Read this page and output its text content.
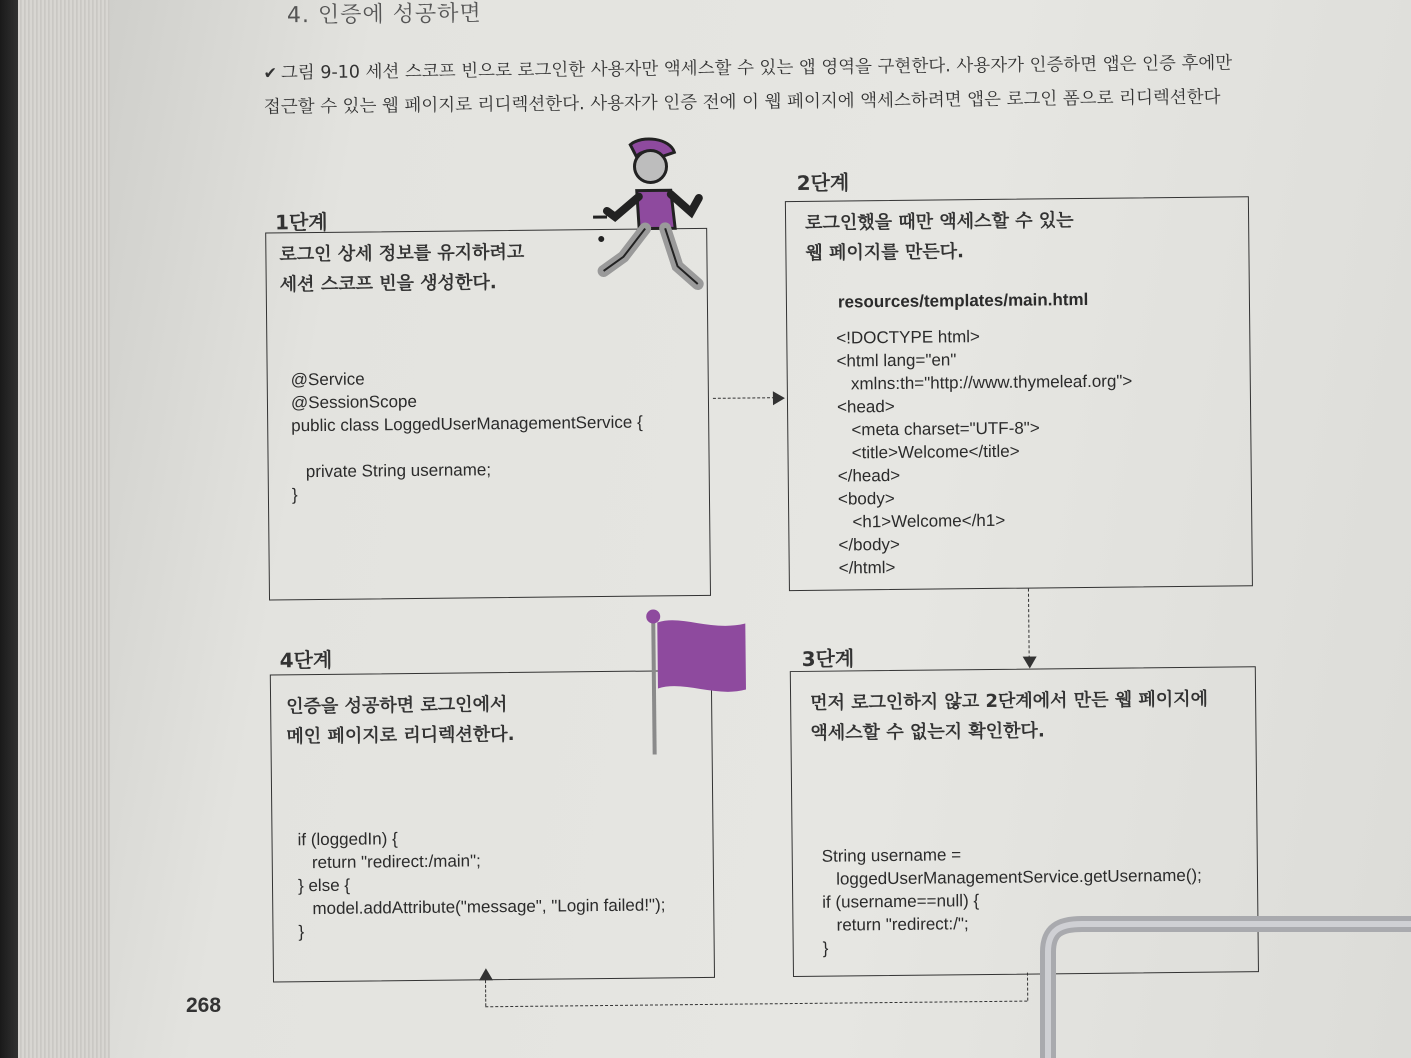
4. 인증에 성공하면
✔ 그림 9-10 세션 스코프 빈으로 로그인한 사용자만 액세스할 수 있는 앱 영역을 구현한다. 사용자가 인증하면 앱은 인증 후에만 접근할 수 있는 웹 페이지로 리디렉션한다. 사용자가 인증 전에 이 웹 페이지에 액세스하려면 앱은 로그인 폼으로 리디렉션한다
1단계
로그인 상세 정보를 유지하려고
세션 스코프 빈을 생성한다.
@Service
@SessionScope
public class LoggedUserManagementService {

private String username;
}
2단계
로그인했을 때만 액세스할 수 있는
웹 페이지를 만든다.
resources/templates/main.html
<!DOCTYPE html>
<html lang="en"
xmlns:th="http://www.thymeleaf.org">
<head>
<meta charset="UTF-8">
<title>Welcome</title>
</head>
<body>
<h1>Welcome</h1>
</body>
</html>
4단계
인증을 성공하면 로그인에서
메인 페이지로 리디렉션한다.
if (loggedIn) {
return "redirect:/main";
} else {
model.addAttribute("message", "Login failed!");
}
3단계
먼저 로그인하지 않고 2단계에서 만든 웹 페이지에
액세스할 수 없는지 확인한다.
String username =
loggedUserManagementService.getUsername();
if (username==null) {
return "redirect:/";
}
268
